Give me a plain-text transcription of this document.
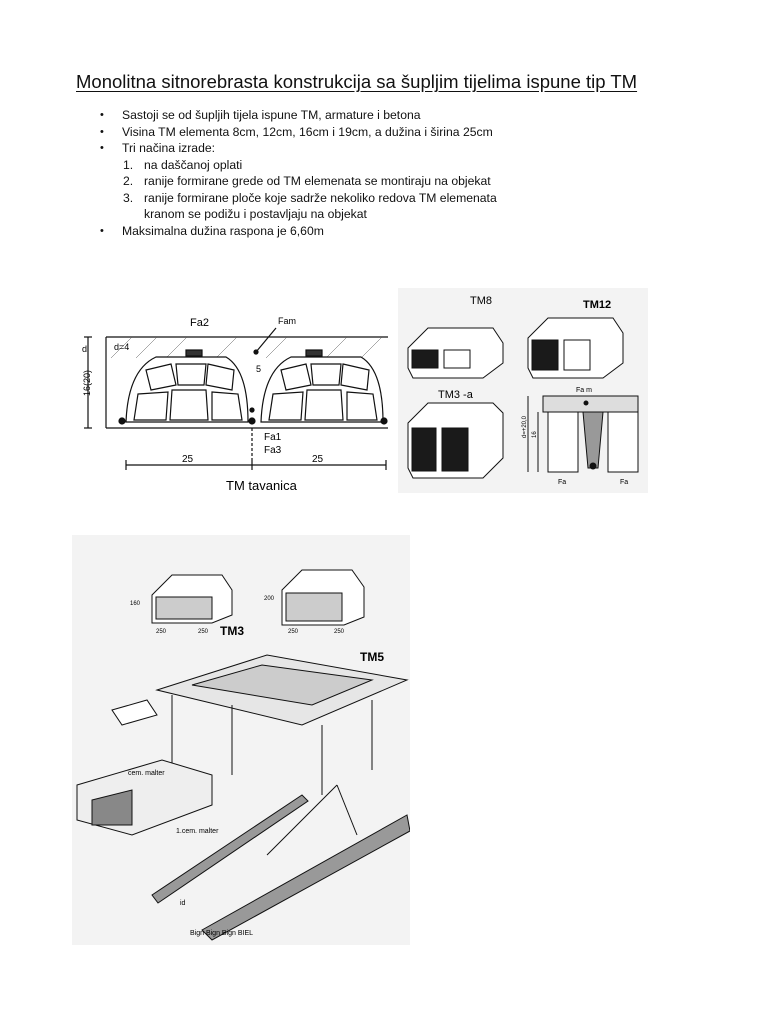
Monolitna sitnorebrasta konstrukcija sa šupljim tijelima ispune tip TM
• Sastoji se od šupljih tijela ispune TM, armature i betona
• Visina TM elementa 8cm, 12cm, 16cm i 19cm, a dužina i širina 25cm
• Tri načina izrade:
1. na daščanoj oplati
2. ranije formirane grede od TM elemenata se montiraju na objekat
3. ranije formirane ploče koje sadrže nekoliko redova TM elemenata
kranom se podižu i postavljaju na objekat
• Maksimalna dužina raspona je 6,60m
Fa2	Fam
d=4
d
16(20)
5
Fa1
Fa3
25	25
TM tavanica
TM8	TM12
TM3 -a	Fa m
d=+20,0 16
Fa	Fa
TM3
TM5
160
200
250	250	250	250
cem. malter
1.cem. malter
id
Bign Bign Bign BIEL
